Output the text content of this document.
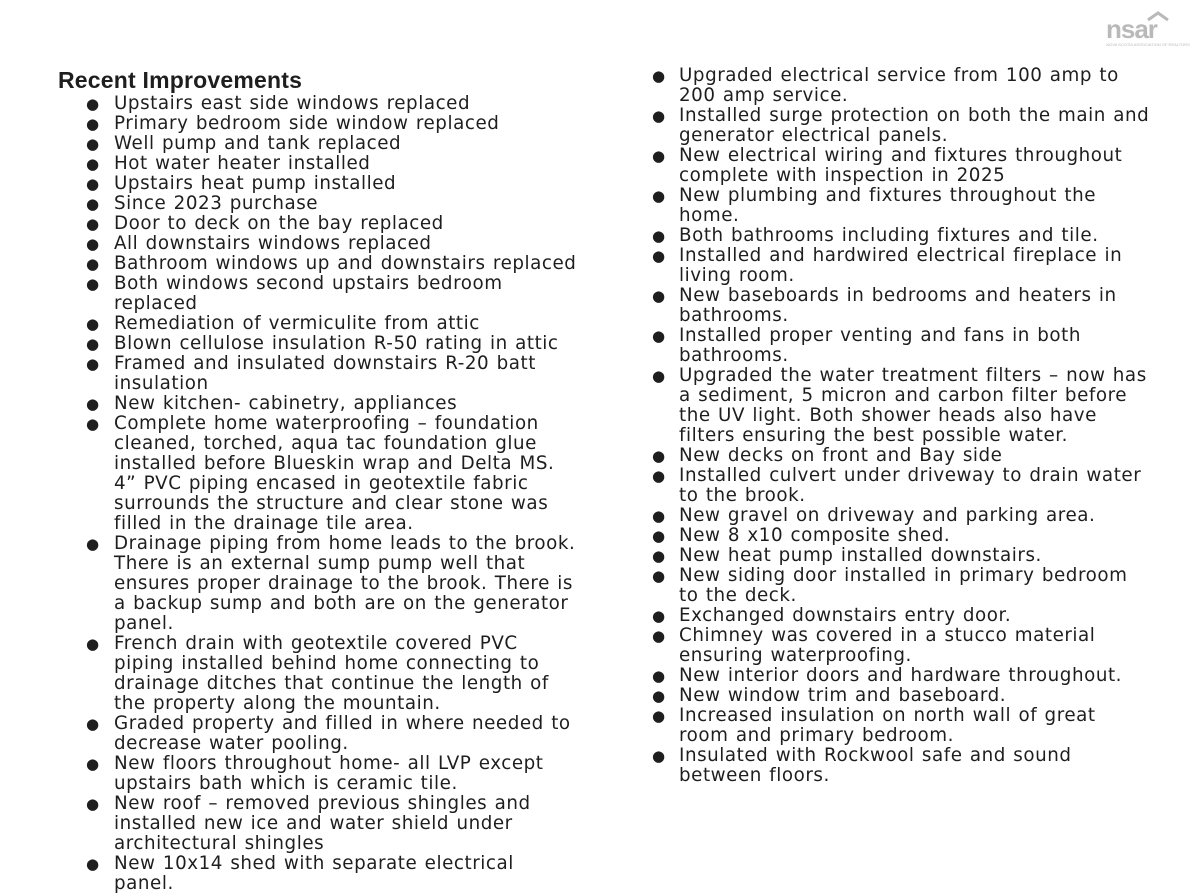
nsar
NOVA SCOTIA ASSOCIATION OF REALTORS
Recent Improvements
● Upstairs east side windows replaced
● Primary bedroom side window replaced
● Well pump and tank replaced
● Hot water heater installed
● Upstairs heat pump installed
● Since 2023 purchase
● Door to deck on the bay replaced
● All downstairs windows replaced
● Bathroom windows up and downstairs replaced
● Both windows second upstairs bedroom replaced
● Remediation of vermiculite from attic
● Blown cellulose insulation R-50 rating in attic
● Framed and insulated downstairs R-20 batt insulation
● New kitchen- cabinetry, appliances
● Complete home waterproofing – foundation cleaned, torched, aqua tac foundation glue installed before Blueskin wrap and Delta MS. 4” PVC piping encased in geotextile fabric surrounds the structure and clear stone was filled in the drainage tile area.
● Drainage piping from home leads to the brook. There is an external sump pump well that ensures proper drainage to the brook. There is a backup sump and both are on the generator panel.
● French drain with geotextile covered PVC piping installed behind home connecting to drainage ditches that continue the length of the property along the mountain.
● Graded property and filled in where needed to decrease water pooling.
● New floors throughout home- all LVP except upstairs bath which is ceramic tile.
● New roof – removed previous shingles and installed new ice and water shield under architectural shingles
● New 10x14 shed with separate electrical panel.
● Upgraded electrical service from 100 amp to 200 amp service.
● Installed surge protection on both the main and generator electrical panels.
● New electrical wiring and fixtures throughout complete with inspection in 2025
● New plumbing and fixtures throughout the home.
● Both bathrooms including fixtures and tile.
● Installed and hardwired electrical fireplace in living room.
● New baseboards in bedrooms and heaters in bathrooms.
● Installed proper venting and fans in both bathrooms.
● Upgraded the water treatment filters – now has a sediment, 5 micron and carbon filter before the UV light. Both shower heads also have filters ensuring the best possible water.
● New decks on front and Bay side
● Installed culvert under driveway to drain water to the brook.
● New gravel on driveway and parking area.
● New 8 x10 composite shed.
● New heat pump installed downstairs.
● New siding door installed in primary bedroom to the deck.
● Exchanged downstairs entry door.
● Chimney was covered in a stucco material ensuring waterproofing.
● New interior doors and hardware throughout.
● New window trim and baseboard.
● Increased insulation on north wall of great room and primary bedroom.
● Insulated with Rockwool safe and sound between floors.
